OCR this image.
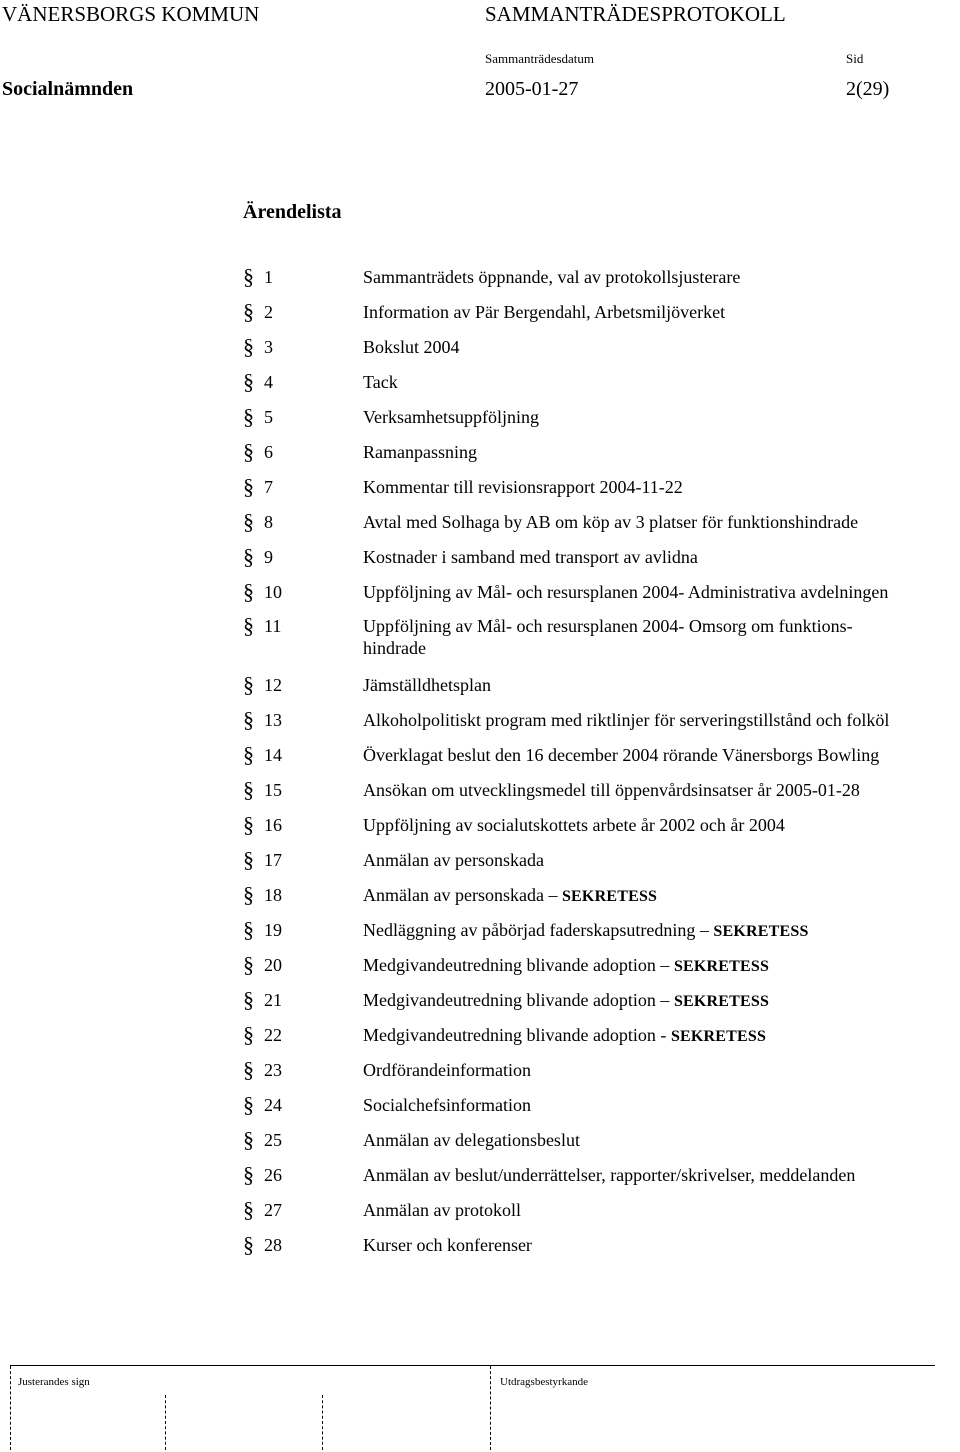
VÄNERSBORGS KOMMUN	SAMMANTRÄDESPROTOKOLL
Sammanträdesdatum	Sid
Socialnämnden	2005-01-27	2(29)
Ärendelista
§ 1	Sammanträdets öppnande, val av protokollsjusterare
§ 2	Information av Pär Bergendahl, Arbetsmiljöverket
§ 3	Bokslut 2004
§ 4	Tack
§ 5	Verksamhetsuppföljning
§ 6	Ramanpassning
§ 7	Kommentar till revisionsrapport 2004-11-22
§ 8	Avtal med Solhaga by AB om köp av 3 platser för funktionshindrade
§ 9	Kostnader i samband med transport av avlidna
§ 10	Uppföljning av Mål- och resursplanen 2004- Administrativa avdelningen
§ 11	Uppföljning av Mål- och resursplanen 2004- Omsorg om funktions-
hindrade
§ 12	Jämställdhetsplan
§ 13	Alkoholpolitiskt program med riktlinjer för serveringstillstånd och folköl
§ 14	Överklagat beslut den 16 december 2004 rörande Vänersborgs Bowling
§ 15	Ansökan om utvecklingsmedel till öppenvårdsinsatser år 2005-01-28
§ 16	Uppföljning av socialutskottets arbete år 2002 och år 2004
§ 17	Anmälan av personskada
§ 18	Anmälan av personskada – SEKRETESS
§ 19	Nedläggning av påbörjad faderskapsutredning – SEKRETESS
§ 20	Medgivandeutredning blivande adoption – SEKRETESS
§ 21	Medgivandeutredning blivande adoption – SEKRETESS
§ 22	Medgivandeutredning blivande adoption - SEKRETESS
§ 23	Ordförandeinformation
§ 24	Socialchefsinformation
§ 25	Anmälan av delegationsbeslut
§ 26	Anmälan av beslut/underrättelser, rapporter/skrivelser, meddelanden
§ 27	Anmälan av protokoll
§ 28	Kurser och konferenser
Justerandes sign	Utdragsbestyrkande
